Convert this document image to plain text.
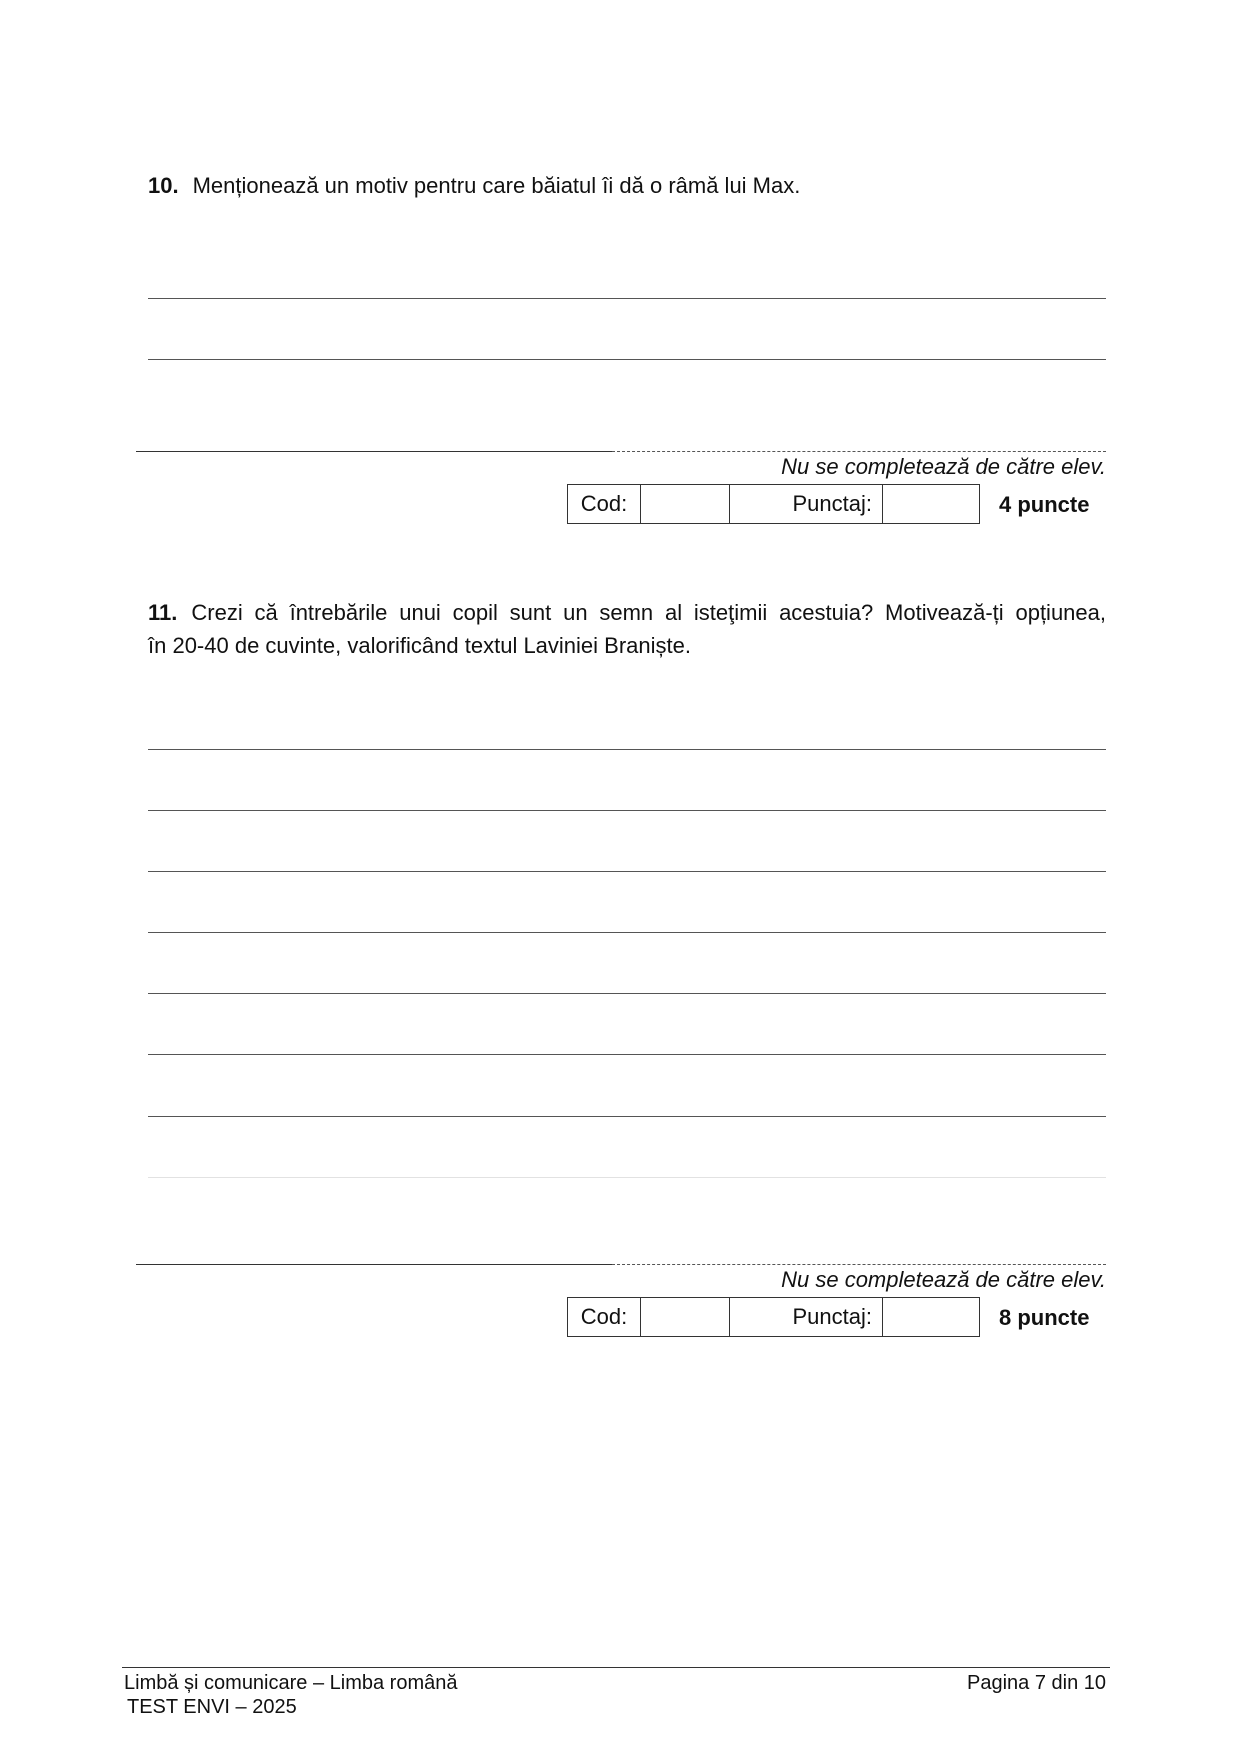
10. Menționează un motiv pentru care băiatul îi dă o râmă lui Max.
Nu se completează de către elev.
Cod:		Punctaj:		4 puncte
11. Crezi că întrebările unui copil sunt un semn al isteţimii acestuia? Motivează-ți opțiunea,
în 20-40 de cuvinte, valorificând textul Laviniei Braniște.
Nu se completează de către elev.
Cod:		Punctaj:		8 puncte
Limbă și comunicare – Limba română
TEST ENVI – 2025
Pagina 7 din 10
